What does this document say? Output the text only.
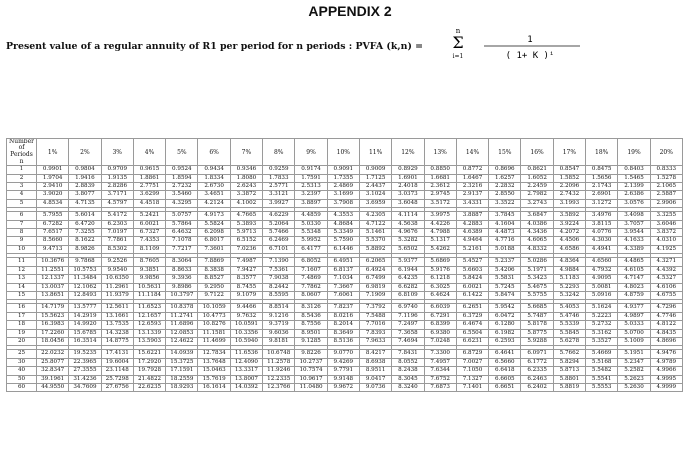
APPENDIX 2
n
Σ
i=1
1
( 1+ K )ⁱ
Present value of a regular annuity of R1 per period for n periods : PVFA (k,n) =
Number of Periods
n	1%	2%	3%	4%	5%	6%	7%	8%	9%	10%	11%	12%	13%	14%	15%	16%	17%	18%	19%	20%
1	0.9901	0.9804	0.9709	0.9615	0.9524	0.9434	0.9346	0.9259	0.9174	0.9091	0.9009	0.8929	0.8850	0.8772	0.8696	0.8621	0.8547	0.8475	0.8403	0.8333
2	1.9704	1.9416	1.9135	1.8861	1.8594	1.8334	1.8080	1.7833	1.7591	1.7355	1.7125	1.6901	1.6681	1.6467	1.6257	1.6052	1.5852	1.5656	1.5465	1.5278
3	2.9410	2.8839	2.8286	2.7751	2.7232	2.6730	2.6243	2.5771	2.5313	2.4869	2.4437	2.4018	2.3612	2.3216	2.2832	2.2459	2.2096	2.1743	2.1399	2.1065
4	3.9020	3.8077	3.7171	3.6299	3.5460	3.4651	3.3872	3.3121	3.2397	3.1699	3.1024	3.0373	2.9745	2.9137	2.8550	2.7982	2.7432	2.6901	2.6386	2.5887
5	4.8534	4.7135	4.5797	4.4518	4.3295	4.2124	4.1002	3.9927	3.8897	3.7908	3.6959	3.6048	3.5172	3.4331	3.3522	3.2743	3.1993	3.1272	3.0576	2.9906

6	5.7955	5.6014	5.4172	5.2421	5.0757	4.9173	4.7665	4.6229	4.4859	4.3553	4.2305	4.1114	3.9975	3.8887	3.7845	3.6847	3.5892	3.4976	3.4098	3.3255
7	6.7282	6.4720	6.2303	6.0021	5.7864	5.5824	5.3893	5.2064	5.0330	4.8684	4.7122	4.5638	4.4226	4.2883	4.1604	4.0386	3.9224	3.8115	3.7057	3.6046
8	7.6517	7.3255	7.0197	6.7327	6.4632	6.2098	5.9713	5.7466	5.5348	5.3349	5.1461	4.9676	4.7988	4.6389	4.4873	4.3436	4.2072	4.0776	3.9544	3.8372
9	8.5660	8.1622	7.7861	7.4353	7.1078	6.8017	6.5152	6.2469	5.9952	5.7590	5.5370	5.3282	5.1317	4.9464	4.7716	4.6065	4.4506	4.3030	4.1633	4.0310
10	9.4713	8.9826	8.5302	8.1109	7.7217	7.3601	7.0236	6.7101	6.4177	6.1446	5.8892	5.6502	5.4262	5.2161	5.0188	4.8332	4.6586	4.4941	4.3389	4.1925

11	10.3676	9.7868	9.2526	8.7605	8.3064	7.8869	7.4987	7.1390	6.8052	6.4951	6.2065	5.9377	5.6869	5.4527	5.2337	5.0286	4.8364	4.6560	4.4865	4.3271
12	11.2551	10.5753	9.9540	9.3851	8.8633	8.3838	7.9427	7.5361	7.1607	6.8137	6.4924	6.1944	5.9176	5.6603	5.4206	5.1971	4.9884	4.7932	4.6105	4.4392
13	12.1337	11.3484	10.6350	9.9856	9.3936	8.8527	8.3577	7.9038	7.4869	7.1034	6.7499	6.4235	6.1218	5.8424	5.5831	5.3423	5.1183	4.9095	4.7147	4.5327
14	13.0037	12.1062	11.2961	10.5631	9.8986	9.2950	8.7455	8.2442	7.7862	7.3667	6.9819	6.6282	6.3025	6.0021	5.7245	5.4675	5.2293	5.0081	4.8023	4.6106
15	13.8651	12.8493	11.9379	11.1184	10.3797	9.7122	9.1079	8.5595	8.0607	7.6061	7.1909	6.8109	6.4624	6.1422	5.8474	5.5755	5.3242	5.0916	4.8759	4.6755

16	14.7179	13.5777	12.5611	11.6523	10.8378	10.1059	9.4466	8.8514	8.3126	7.8237	7.3792	6.9740	6.6039	6.2651	5.9542	5.6685	5.4053	5.1624	4.9377	4.7296
17	15.5623	14.2919	13.1661	12.1657	11.2741	10.4773	9.7632	9.1216	8.5436	8.0216	7.5488	7.1196	6.7291	6.3729	6.0472	5.7487	5.4746	5.2223	4.9897	4.7746
18	16.3983	14.9920	13.7535	12.6593	11.6896	10.8276	10.0591	9.3719	8.7556	8.2014	7.7016	7.2497	6.8399	6.4674	6.1280	5.8178	5.5339	5.2732	5.0333	4.8122
19	17.2260	15.6785	14.3238	13.1339	12.0853	11.1581	10.3356	9.6036	8.9501	8.3649	7.8393	7.3658	6.9380	6.5504	6.1982	5.8775	5.5845	5.3162	5.0700	4.8435
20	18.0456	16.3514	14.8775	13.5903	12.4622	11.4699	10.5940	9.8181	9.1285	8.5136	7.9633	7.4694	7.0248	6.6231	6.2593	5.9288	5.6278	5.3527	5.1009	4.8696

25	22.0232	19.5235	17.4131	15.6221	14.0939	12.7834	11.6536	10.6748	9.8226	9.0770	8.4217	7.8431	7.3300	6.8729	6.4641	6.0971	5.7662	5.4669	5.1951	4.9476
30	25.8077	22.3965	19.6004	17.2920	15.3725	13.7648	12.4090	11.2578	10.2737	9.4269	8.6938	8.0552	7.4957	7.0027	6.5660	6.1772	5.8294	5.5168	5.2347	4.9789
40	32.8347	27.3555	23.1148	19.7928	17.1591	15.0463	13.3317	11.9246	10.7574	9.7791	8.9511	8.2438	7.6344	7.1050	6.6418	6.2335	5.8713	5.5482	5.2582	4.9966
50	39.1961	31.4236	25.7298	21.4822	18.2559	15.7619	13.8007	12.2335	10.9617	9.9148	9.0417	8.3045	7.6752	7.1327	6.6605	6.2463	5.8801	5.5541	5.2623	4.9995
60	44.9550	34.7609	27.6756	22.6235	18.9293	16.1614	14.0392	12.3766	11.0480	9.9672	9.0736	8.3240	7.6873	7.1401	6.6651	6.2402	5.8819	5.5553	5.2630	4.9999
